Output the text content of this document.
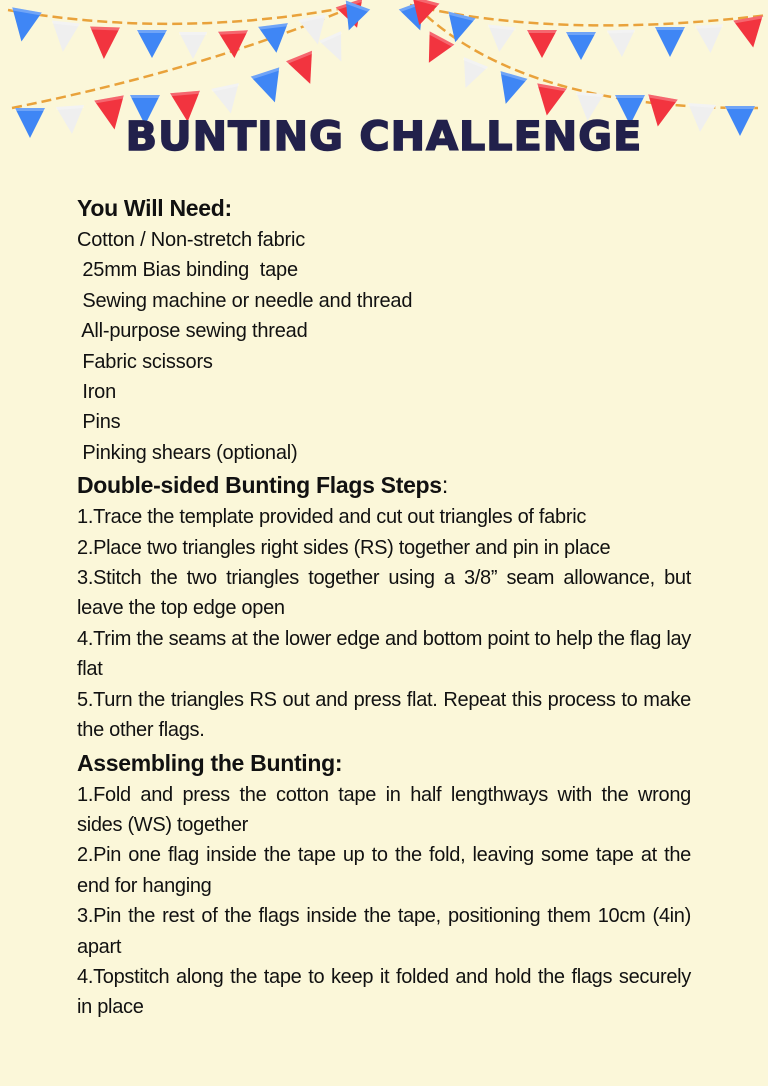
BUNTING CHALLENGE
You Will Need:

Cotton / Non-stretch fabric

25mm Bias binding  tape

Sewing machine or needle and thread

All-purpose sewing thread

Fabric scissors

Iron

Pins

Pinking shears (optional)

Double-sided Bunting Flags Steps:

1.Trace the template provided and cut out triangles of fabric

2.Place two triangles right sides (RS) together and pin in place

3.Stitch the two triangles together using a 3/8” seam allowance, but leave the top edge open

4.Trim the seams at the lower edge and bottom point to help the flag lay flat

5.Turn the triangles RS out and press flat. Repeat this process to make the other flags.

Assembling the Bunting:

1.Fold and press the cotton tape in half lengthways with the wrong sides (WS) together

2.Pin one flag inside the tape up to the fold, leaving some tape at the end for hanging

3.Pin the rest of the flags inside the tape, positioning them 10cm (4in) apart

4.Topstitch along the tape to keep it folded and hold the flags securely in place
